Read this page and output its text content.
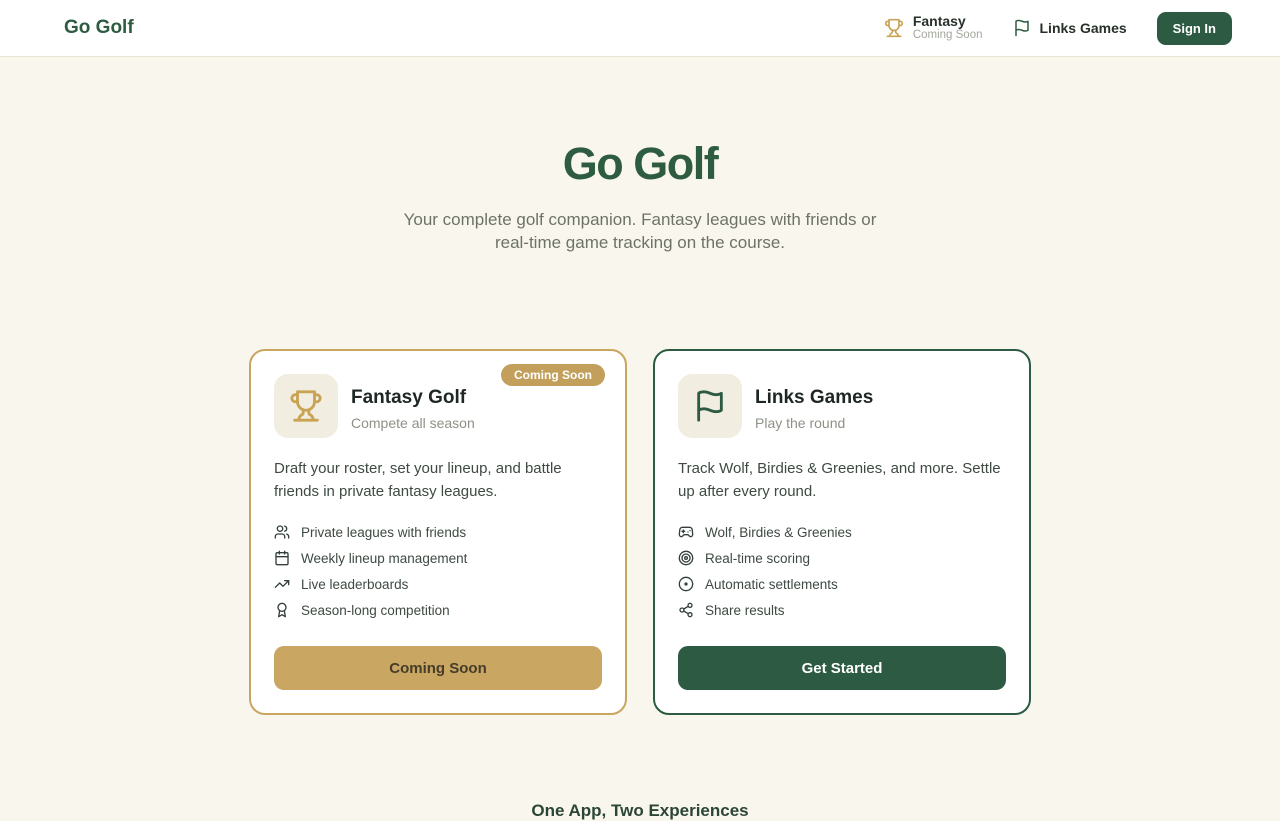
Go Golf	Fantasy
Coming Soon	Links Games	Sign In
Go Golf

Your complete golf companion. Fantasy leagues with friends or real-time game tracking on the course.

Coming Soon
Fantasy Golf
Compete all season

Draft your roster, set your lineup, and battle friends in private fantasy leagues.

Private leagues with friends
Weekly lineup management
Live leaderboards
Season-long competition
Coming Soon
Links Games
Play the round

Track Wolf, Birdies & Greenies, and more. Settle up after every round.

Wolf, Birdies & Greenies
Real-time scoring
Automatic settlements
Share results
Get Started
One App, Two Experiences
